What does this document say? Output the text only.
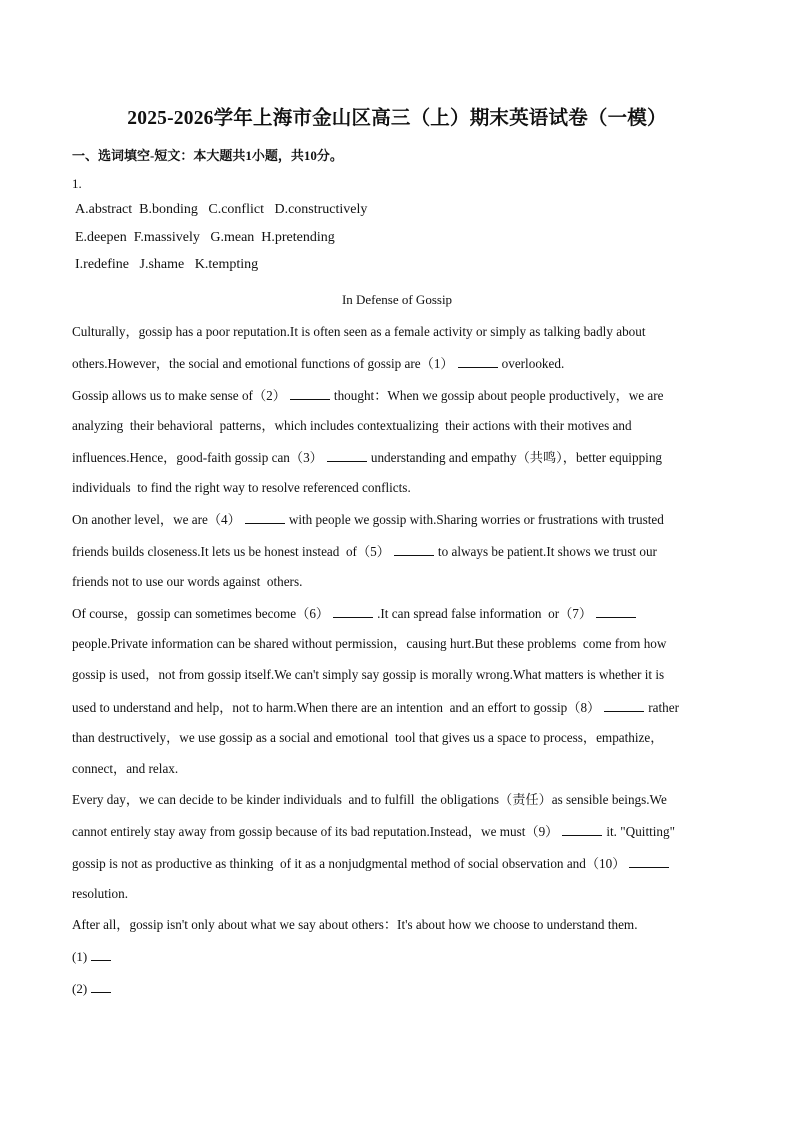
2025-2026学年上海市金山区高三（上）期末英语试卷（一模）
一、选词填空-短文：本大题共1小题，共10分。
1.
A.abstract  B.bonding   C.conflict   D.constructively
E.deepen  F.massively   G.mean  H.pretending
I.redefine   J.shame   K.tempting
In Defense of Gossip
Culturally，gossip has a poor reputation.It is often seen as a female activity or simply as talking badly about
others.However，the social and emotional functions of gossip are（1）	overlooked.
Gossip allows us to make sense of（2）	thought：When we gossip about people productively，we are
analyzing  their behavioral  patterns，which includes contextualizing  their actions with their motives and
influences.Hence，good-faith gossip can（3）	understanding and empathy（共鸣），better equipping
individuals  to find the right way to resolve referenced conflicts.
On another level，we are（4）	with people we gossip with.Sharing worries or frustrations with trusted
friends builds closeness.It lets us be honest instead  of（5）	to always be patient.It shows we trust our
friends not to use our words against  others.
Of course，gossip can sometimes become（6）	.It can spread false information  or（7）
people.Private information can be shared without permission，causing hurt.But these problems  come from how
gossip is used，not from gossip itself.We can't simply say gossip is morally wrong.What matters is whether it is
used to understand and help，not to harm.When there are an intention  and an effort to gossip（8）	rather
than destructively，we use gossip as a social and emotional  tool that gives us a space to process，empathize，
connect，and relax.
Every day，we can decide to be kinder individuals  and to fulfill  the obligations（责任）as sensible beings.We
cannot entirely stay away from gossip because of its bad reputation.Instead，we must（9）	it. "Quitting"
gossip is not as productive as thinking  of it as a nonjudgmental method of social observation and（10）
resolution.
After all，gossip isn't only about what we say about others：It's about how we choose to understand them.
(1)
(2)
